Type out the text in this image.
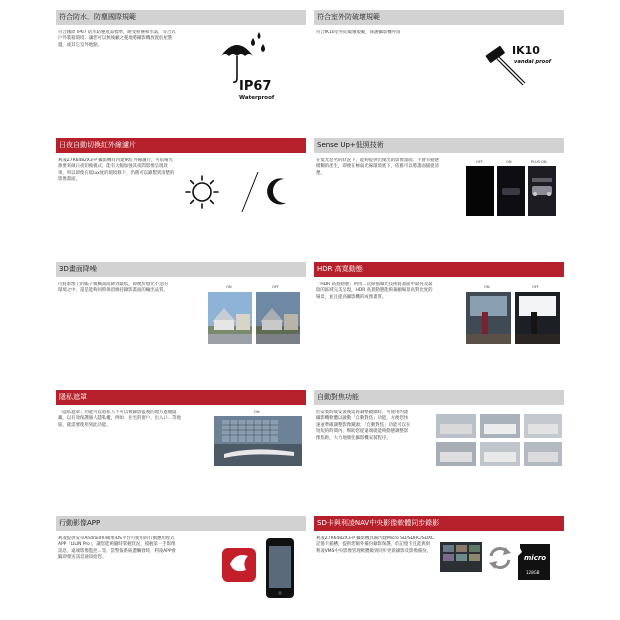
符合防水．防塵國際規範
符合國際 IP67 防水防塵產品標準，耐受粉塵和水氣，等合式戶外裝箱環境；讓您可以無後顧之憂地將攝影機放置於屋簷邊，或其它室外地點。
IP67
Waterproof
符合室外防破壞規範
符合IK10室外防破壞規範，保護攝影機外殼
IK10
vandal proof
日夜自動切換紅外線濾片
利凌Z7R6482X3-P 攝影機有內建IR紅外線濾片，可依場光源要來做日夜切換模式；能有大幅加強其夜間影像呈現效果，所以即使在低lux度的環境條下，仍舊可以錄製到清楚的影像畫面。
Sense Up+低照技術
在低光惡劣的狀況下，能夠提供出傑出的影像畫面；不會有動態模糊的產生，即便在極弱光線環境底下，依舊可以將畫面捕捉清楚。
OFF	ON	PLUS ON
3D畫面降噪
可將影像上的帳子模糊畫面降到最低，即便於燈光不足的環境之中，還是能夠同時保留維持錄影畫面的輸出品質。
ON	OFF
HDR 高寬動態
「HDR 高寬動態」利用二次掃描曝光技術將畫面中最亮及最陰的區域完美呈現，HDR 高寬動態能夠兼顧場景高對比度的場景，並且提高攝影機的成像畫質。
ON	OFF
隱私遮罩
「隱私遮罩」功能可以將私人不可以被錄影監視的地方遮掩隱藏，以有效保護個人隱私權，例如：住宅的窗戶、出入口…等地區，就需要使用到此功能。
ON
自動對焦功能
於安裝時或安裝後需再調整鏡頭時，可使用內建攝影機軟體以啟動「自動對焦」功能，方便您快速並準確調整影像鏡頭；「自動對焦」功能可以在短短的時間內，幫助您從遠端就能夠動態調整影像焦距，大力地簡化攝影機安裝程序。
行動影像APP
利凌提供安卓Android和蘋果iOS平台可使用的行動應用程式APP「LILIN Pro」，讓您能夠隨時掌握狀況，摸握第一手影像訊息，遠端影像監控...等，當警報系統遭觸發時，利凌APP會隨即發送訊息通知給您。
SD卡與利凌NAV中央影像軟體同步錄影
利凌Z7R6482X3-P 攝影機具備內建Micro SD/SDHC/SDXC記憶卡插槽，提供您額外備份錄影保護，於記憶卡且能與與利凌VMS中央影像管理軟體做到同步更新錄影及影像備份。
micro
128GB
